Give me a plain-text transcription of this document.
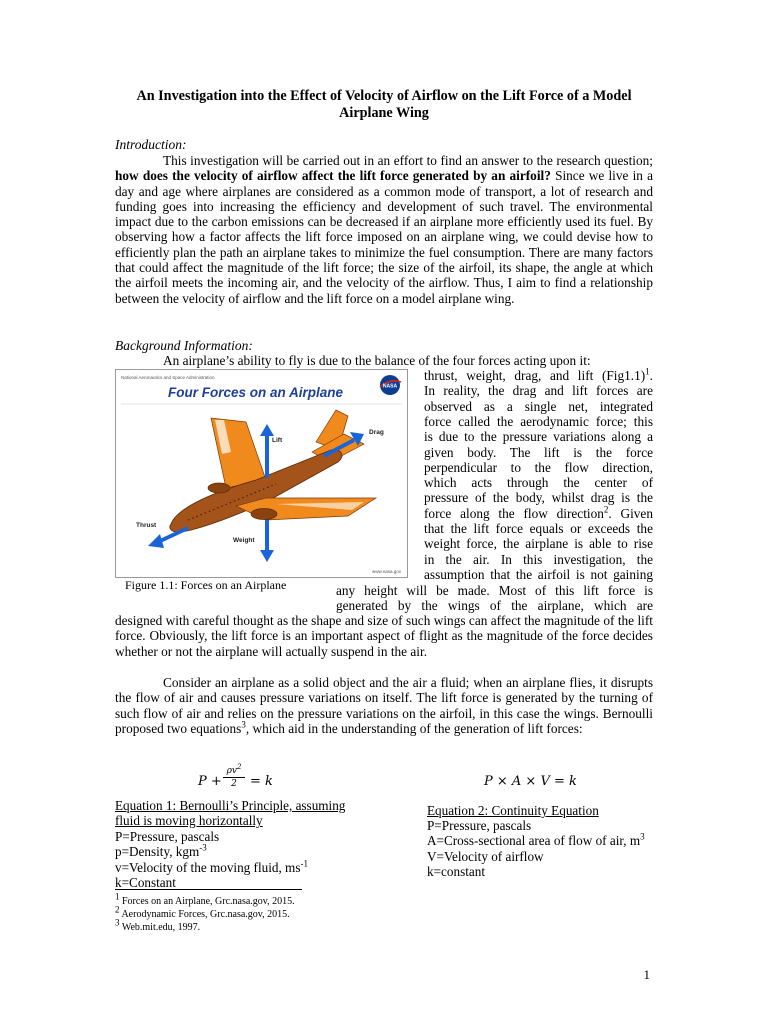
An Investigation into the Effect of Velocity of Airflow on the Lift Force of a Model Airplane Wing
Introduction:
This investigation will be carried out in an effort to find an answer to the research question; how does the velocity of airflow affect the lift force generated by an airfoil? Since we live in a day and age where airplanes are considered as a common mode of transport, a lot of research and funding goes into increasing the efficiency and development of such travel. The environmental impact due to the carbon emissions can be decreased if an airplane more efficiently used its fuel. By observing how a factor affects the lift force imposed on an airplane wing, we could devise how to efficiently plan the path an airplane takes to minimize the fuel consumption. There are many factors that could affect the magnitude of the lift force; the size of the airfoil, its shape, the angle at which the airfoil meets the incoming air, and the velocity of the airflow. Thus, I aim to find a relationship between the velocity of airflow and the lift force on a model airplane wing.
Background Information:
An airplane’s ability to fly is due to the balance of the four forces acting upon it:
National Aeronautics and Space Administration
Four Forces on an Airplane	NASA
Lift
Drag
Thrust
Weight
www.nasa.gov
Figure 1.1: Forces on an Airplane
thrust, weight, drag, and lift $(Fig1.1)^1$.
In reality, the drag and lift forces are
observed as a single net, integrated
force called the aerodynamic force; this
is due to the pressure variations along a
given body. The lift is the force
perpendicular to the flow direction,
which acts through the center of
pressure of the body, whilst drag is the
force along the flow direction$^2$. Given
that the lift force equals or exceeds the
weight force, the airplane is able to rise
in the air. In this investigation, the
assumption that the airfoil is not gaining
any height will be made. Most of this lift force is
generated by the wings of the airplane, which are
designed with careful thought as the shape and size of such wings can affect the magnitude of the lift force. Obviously, the lift force is an important aspect of flight as the magnitude of the force decides whether or not the airplane will actually suspend in the air.
Consider an airplane as a solid object and the air a fluid; when an airplane flies, it disrupts the flow of air and causes pressure variations on itself. The lift force is generated by the turning of such flow of air and relies on the pressure variations on the airfoil, in this case the wings. Bernoulli proposed two equations$^3$, which aid in the understanding of the generation of lift forces:
P +
$\rho v^2$
2	= k
Equation 1: Bernoulli’s Principle, assuming
fluid is moving horizontally
P=Pressure, pascals
p=Density, kgm$^{-3}$
v=Velocity of the moving fluid, $ms^{-1}$
k=Constant
P × A × V = k
Equation 2: Continuity Equation
P=Pressure, pascals
A=Cross-sectional area of flow of air, $m^3$
V=Velocity of airflow
k=constant
$^1$ Forces on an Airplane, Grc.nasa.gov, 2015.
$^2$ Aerodynamic Forces, Grc.nasa.gov, 2015.
$^3$ Web.mit.edu, 1997.
1
